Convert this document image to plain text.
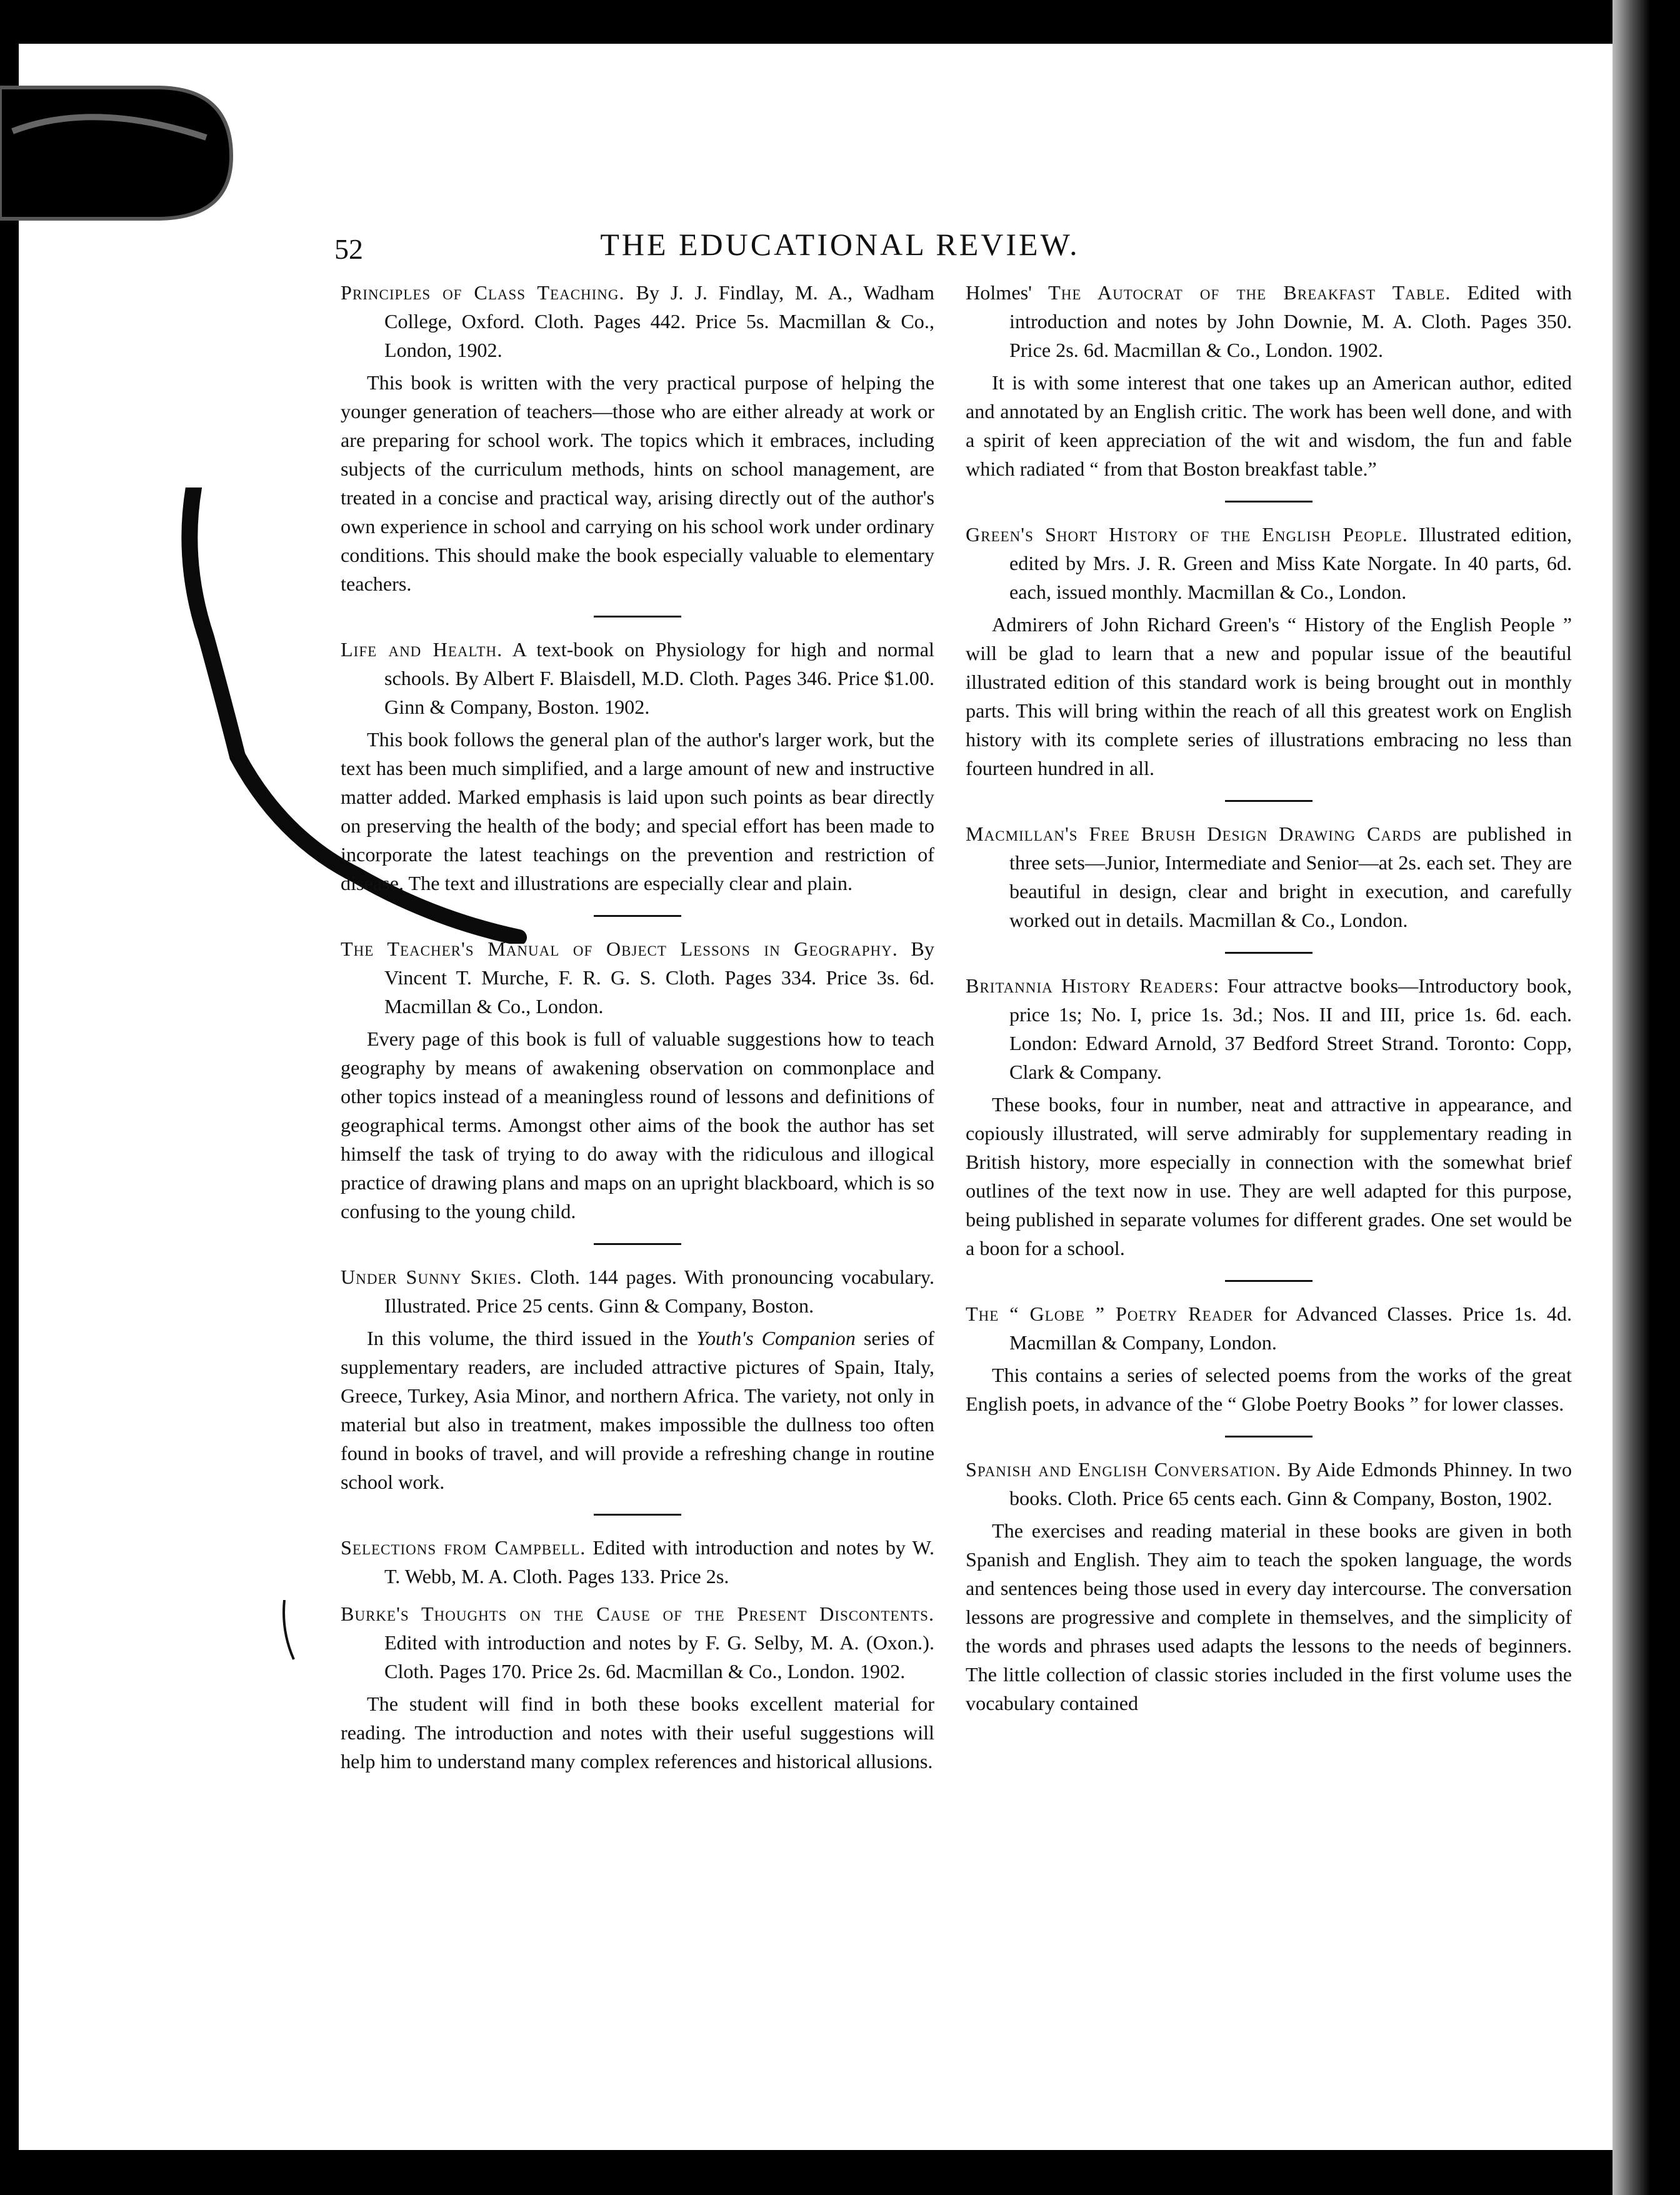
52	THE EDUCATIONAL REVIEW.

Principles of Class Teaching. By J. J. Findlay, M. A., Wadham College, Oxford. Cloth. Pages 442. Price 5s. Macmillan & Co., London, 1902.

This book is written with the very practical purpose of helping the younger generation of teachers—those who are either already at work or are preparing for school work. The topics which it embraces, including subjects of the curriculum methods, hints on school management, are treated in a concise and practical way, arising directly out of the author's own experience in school and carrying on his school work under ordinary conditions. This should make the book especially valuable to elementary teachers.

Life and Health. A text-book on Physiology for high and normal schools. By Albert F. Blaisdell, M.D. Cloth. Pages 346. Price $1.00. Ginn & Company, Boston. 1902.

This book follows the general plan of the author's larger work, but the text has been much simplified, and a large amount of new and instructive matter added. Marked emphasis is laid upon such points as bear directly on preserving the health of the body; and special effort has been made to incorporate the latest teachings on the prevention and restriction of disease. The text and illustrations are especially clear and plain.

The Teacher's Manual of Object Lessons in Geography. By Vincent T. Murche, F. R. G. S. Cloth. Pages 334. Price 3s. 6d. Macmillan & Co., London.

Every page of this book is full of valuable suggestions how to teach geography by means of awakening observation on commonplace and other topics instead of a meaningless round of lessons and definitions of geographical terms. Amongst other aims of the book the author has set himself the task of trying to do away with the ridiculous and illogical practice of drawing plans and maps on an upright blackboard, which is so confusing to the young child.

Under Sunny Skies. Cloth. 144 pages. With pronouncing vocabulary. Illustrated. Price 25 cents. Ginn & Company, Boston.

In this volume, the third issued in the Youth's Companion series of supplementary readers, are included attractive pictures of Spain, Italy, Greece, Turkey, Asia Minor, and northern Africa. The variety, not only in material but also in treatment, makes impossible the dullness too often found in books of travel, and will provide a refreshing change in routine school work.

Selections from Campbell. Edited with introduction and notes by W. T. Webb, M. A. Cloth. Pages 133. Price 2s.

Burke's Thoughts on the Cause of the Present Discontents. Edited with introduction and notes by F. G. Selby, M. A. (Oxon.). Cloth. Pages 170. Price 2s. 6d. Macmillan & Co., London. 1902.

The student will find in both these books excellent material for reading. The introduction and notes with their useful suggestions will help him to understand many complex references and historical allusions.

Holmes' The Autocrat of the Breakfast Table. Edited with introduction and notes by John Downie, M. A. Cloth. Pages 350. Price 2s. 6d. Macmillan & Co., London. 1902.

It is with some interest that one takes up an American author, edited and annotated by an English critic. The work has been well done, and with a spirit of keen appreciation of the wit and wisdom, the fun and fable which radiated “ from that Boston breakfast table.”

Green's Short History of the English People. Illustrated edition, edited by Mrs. J. R. Green and Miss Kate Norgate. In 40 parts, 6d. each, issued monthly. Macmillan & Co., London.

Admirers of John Richard Green's “ History of the English People ” will be glad to learn that a new and popular issue of the beautiful illustrated edition of this standard work is being brought out in monthly parts. This will bring within the reach of all this greatest work on English history with its complete series of illustrations embracing no less than fourteen hundred in all.

Macmillan's Free Brush Design Drawing Cards are published in three sets—Junior, Intermediate and Senior—at 2s. each set. They are beautiful in design, clear and bright in execution, and carefully worked out in details. Macmillan & Co., London.

Britannia History Readers: Four attractve books—Introductory book, price 1s; No. I, price 1s. 3d.; Nos. II and III, price 1s. 6d. each. London: Edward Arnold, 37 Bedford Street Strand. Toronto: Copp, Clark & Company.

These books, four in number, neat and attractive in appearance, and copiously illustrated, will serve admirably for supplementary reading in British history, more especially in connection with the somewhat brief outlines of the text now in use. They are well adapted for this purpose, being published in separate volumes for different grades. One set would be a boon for a school.

The “ Globe ” Poetry Reader for Advanced Classes. Price 1s. 4d. Macmillan & Company, London.

This contains a series of selected poems from the works of the great English poets, in advance of the “ Globe Poetry Books ” for lower classes.

Spanish and English Conversation. By Aide Edmonds Phinney. In two books. Cloth. Price 65 cents each. Ginn & Company, Boston, 1902.

The exercises and reading material in these books are given in both Spanish and English. They aim to teach the spoken language, the words and sentences being those used in every day intercourse. The conversation lessons are progressive and complete in themselves, and the simplicity of the words and phrases used adapts the lessons to the needs of beginners. The little collection of classic stories included in the first volume uses the vocabulary contained
